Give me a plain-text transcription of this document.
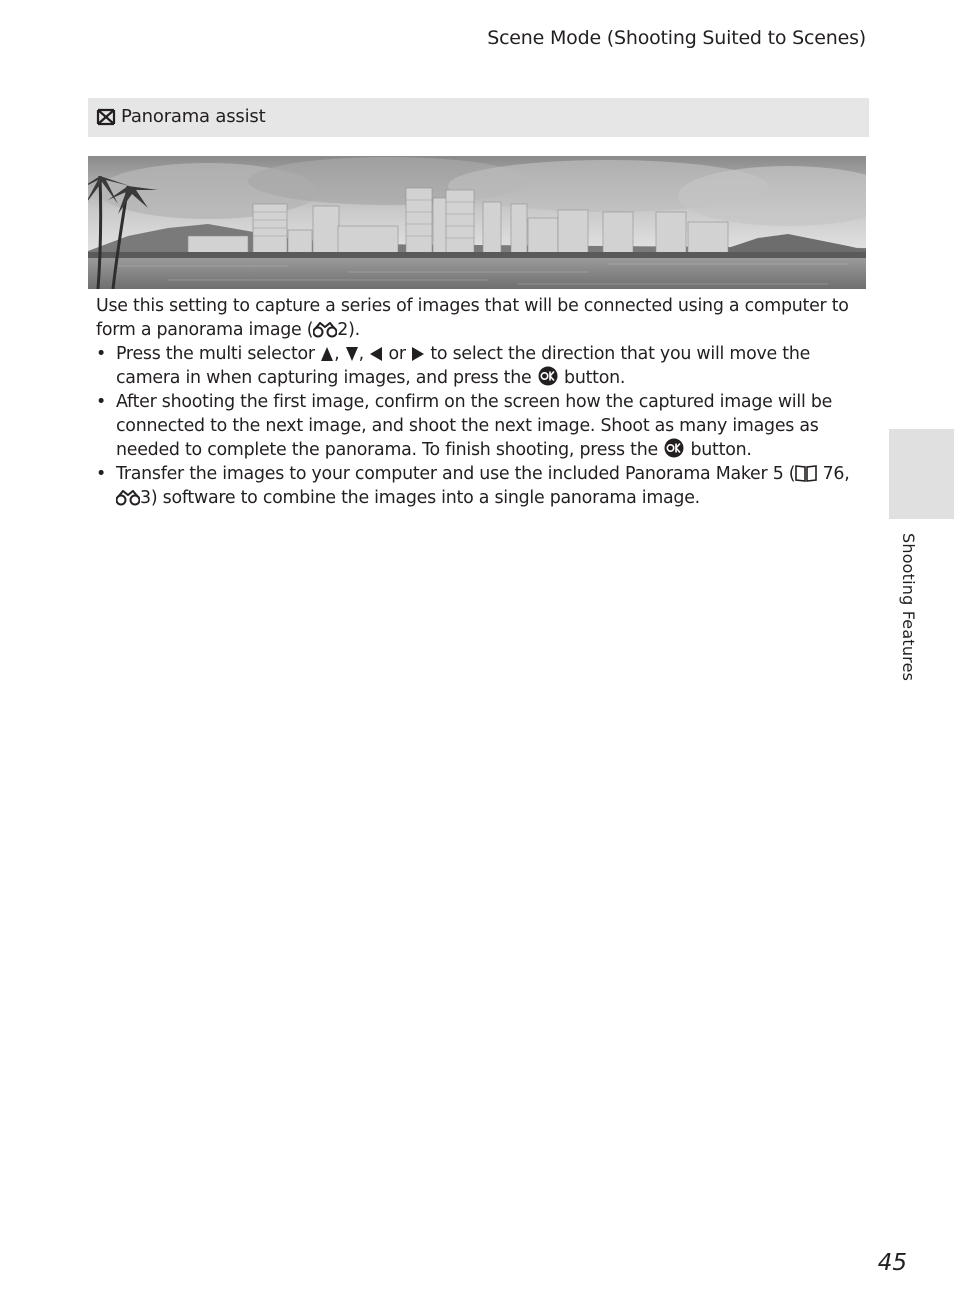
Scene Mode (Shooting Suited to Scenes)
Panorama assist

Use this setting to capture a series of images that will be connected using a computer to form a panorama image ( 2).

• Press the multi selector , ,  or  to select the direction that you will move the camera in when capturing images, and press the  button.
• After shooting the first image, confirm on the screen how the captured image will be connected to the next image, and shoot the next image. Shoot as many images as needed to complete the panorama. To finish shooting, press the  button.
• Transfer the images to your computer and use the included Panorama Maker 5 ( 76,
3) software to combine the images into a single panorama image.
Shooting Features
45
